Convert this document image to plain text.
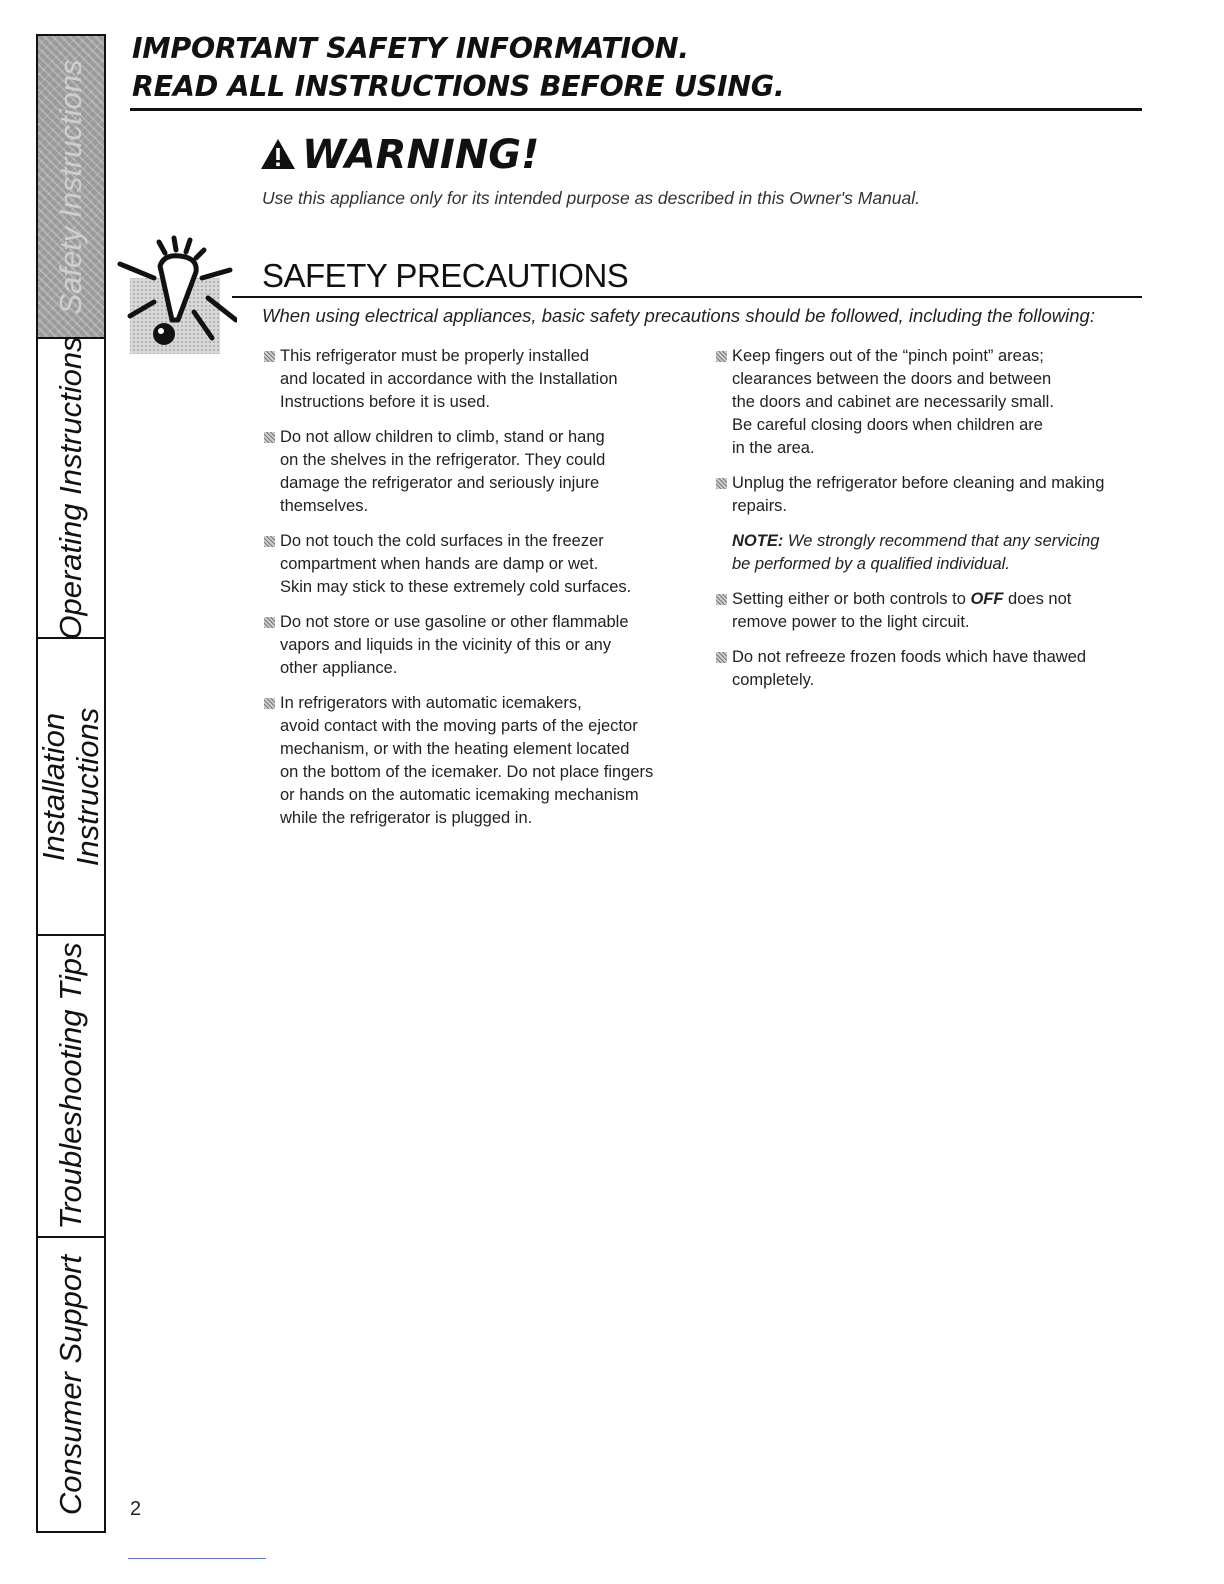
Safety Instructions
Operating Instructions
Installation Instructions
Troubleshooting Tips
Consumer Support
IMPORTANT SAFETY INFORMATION.
READ ALL INSTRUCTIONS BEFORE USING.
WARNING!
Use this appliance only for its intended purpose as described in this Owner's Manual.
SAFETY PRECAUTIONS
When using electrical appliances, basic safety precautions should be followed, including the following:
This refrigerator must be properly installed
and located in accordance with the Installation
Instructions before it is used.
Do not allow children to climb, stand or hang
on the shelves in the refrigerator. They could
damage the refrigerator and seriously injure
themselves.
Do not touch the cold surfaces in the freezer
compartment when hands are damp or wet.
Skin may stick to these extremely cold surfaces.
Do not store or use gasoline or other flammable
vapors and liquids in the vicinity of this or any
other appliance.
In refrigerators with automatic icemakers,
avoid contact with the moving parts of the ejector
mechanism, or with the heating element located
on the bottom of the icemaker. Do not place fingers
or hands on the automatic icemaking mechanism
while the refrigerator is plugged in.
Keep fingers out of the “pinch point” areas;
clearances between the doors and between
the doors and cabinet are necessarily small.
Be careful closing doors when children are
in the area.
Unplug the refrigerator before cleaning and making
repairs.
NOTE: We strongly recommend that any servicing
be performed by a qualified individual.
Setting either or both controls to OFF does not
remove power to the light circuit.
Do not refreeze frozen foods which have thawed
completely.
2
